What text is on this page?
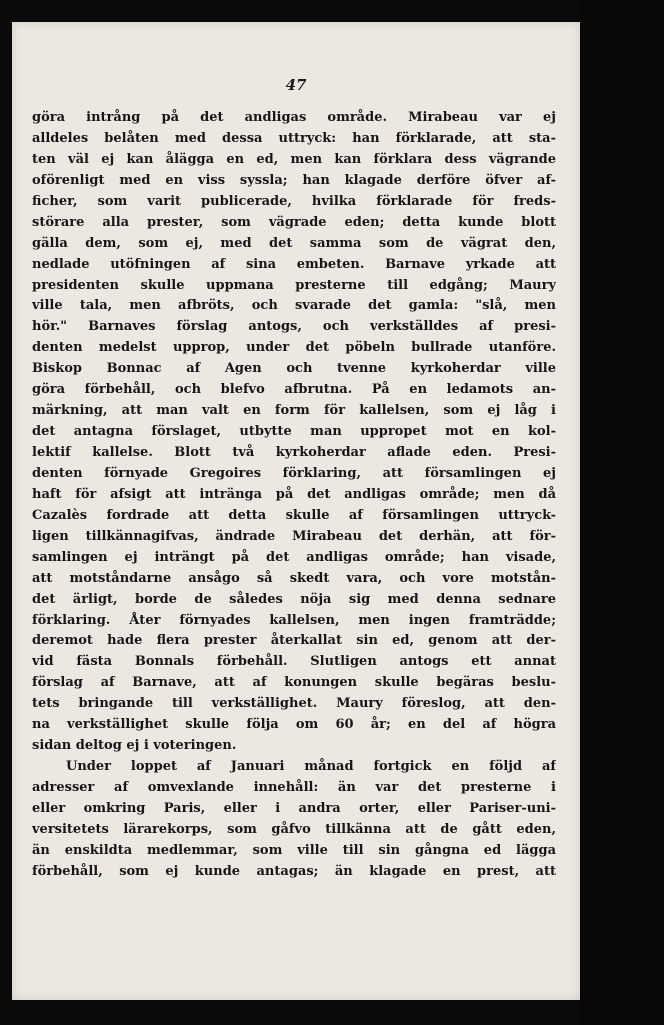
47
göra intrång på det andligas område. Mirabeau var ej
alldeles belåten med dessa uttryck: han förklarade, att sta-
ten väl ej kan ålägga en ed, men kan förklara dess vägrande
oförenligt med en viss syssla; han klagade derföre öfver af-
ficher, som varit publicerade, hvilka förklarade för freds-
störare alla prester, som vägrade eden; detta kunde blott
gälla dem, som ej, med det samma som de vägrat den,
nedlade utöfningen af sina embeten. Barnave yrkade att
presidenten skulle uppmana presterne till edgång; Maury
ville tala, men afbröts, och svarade det gamla: "slå, men
hör." Barnaves förslag antogs, och verkställdes af presi-
denten medelst upprop, under det pöbeln bullrade utanföre.
Biskop Bonnac af Agen och tvenne kyrkoherdar ville
göra förbehåll, och blefvo afbrutna. På en ledamots an-
märkning, att man valt en form för kallelsen, som ej låg i
det antagna förslaget, utbytte man uppropet mot en kol-
lektif kallelse. Blott två kyrkoherdar aflade eden. Presi-
denten förnyade Gregoires förklaring, att församlingen ej
haft för afsigt att intränga på det andligas område; men då
Cazalès fordrade att detta skulle af församlingen uttryck-
ligen tillkännagifvas, ändrade Mirabeau det derhän, att för-
samlingen ej inträngt på det andligas område; han visade,
att motståndarne ansågo så skedt vara, och vore motstån-
det ärligt, borde de således nöja sig med denna sednare
förklaring. Åter förnyades kallelsen, men ingen framträdde;
deremot hade flera prester återkallat sin ed, genom att der-
vid fästa Bonnals förbehåll. Slutligen antogs ett annat
förslag af Barnave, att af konungen skulle begäras beslu-
tets bringande till verkställighet. Maury föreslog, att den-
na verkställighet skulle följa om 60 år; en del af högra
sidan deltog ej i voteringen.
Under loppet af Januari månad fortgick en följd af
adresser af omvexlande innehåll: än var det presterne i
eller omkring Paris, eller i andra orter, eller Pariser-uni-
versitetets lärarekorps, som gåfvo tillkänna att de gått eden,
än enskildta medlemmar, som ville till sin gångna ed lägga
förbehåll, som ej kunde antagas; än klagade en prest, att
